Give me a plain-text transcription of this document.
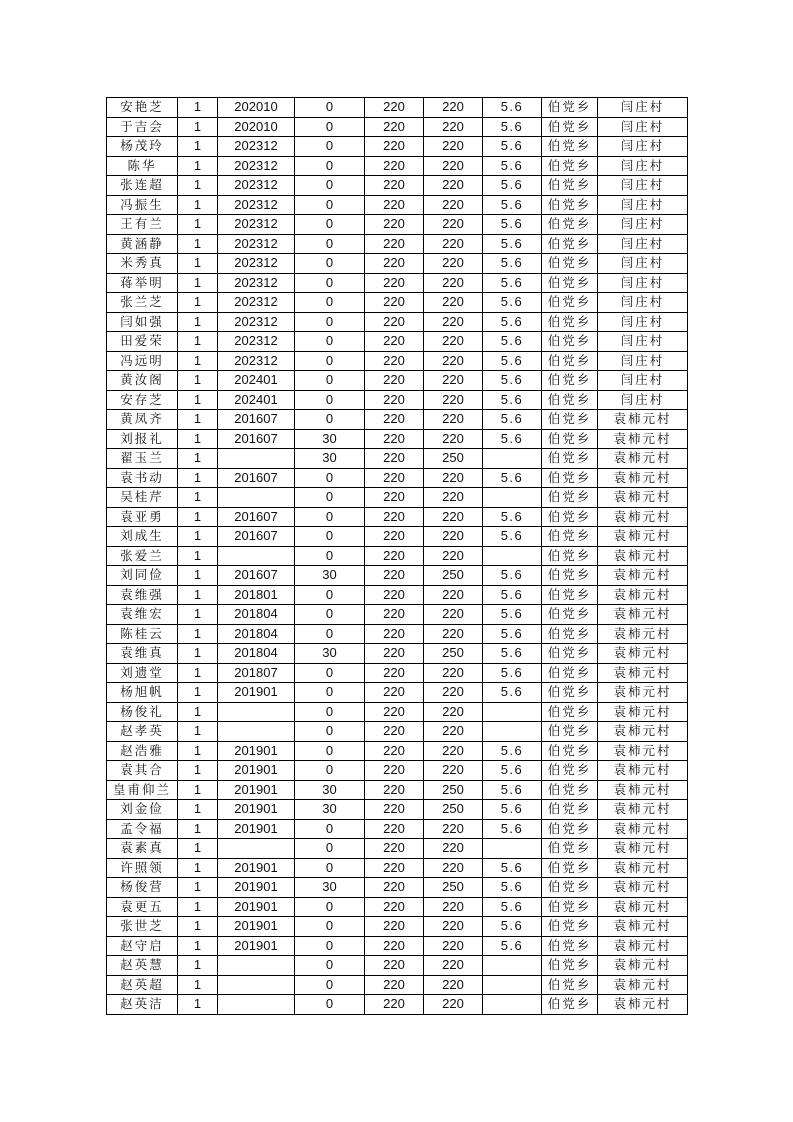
安艳芝	1	202010	0	220	220	5.6	伯党乡	闫庄村
于吉会	1	202010	0	220	220	5.6	伯党乡	闫庄村
杨茂玲	1	202312	0	220	220	5.6	伯党乡	闫庄村
陈华	1	202312	0	220	220	5.6	伯党乡	闫庄村
张连超	1	202312	0	220	220	5.6	伯党乡	闫庄村
冯振生	1	202312	0	220	220	5.6	伯党乡	闫庄村
王有兰	1	202312	0	220	220	5.6	伯党乡	闫庄村
黄涵静	1	202312	0	220	220	5.6	伯党乡	闫庄村
米秀真	1	202312	0	220	220	5.6	伯党乡	闫庄村
蒋举明	1	202312	0	220	220	5.6	伯党乡	闫庄村
张兰芝	1	202312	0	220	220	5.6	伯党乡	闫庄村
闫如强	1	202312	0	220	220	5.6	伯党乡	闫庄村
田爱荣	1	202312	0	220	220	5.6	伯党乡	闫庄村
冯远明	1	202312	0	220	220	5.6	伯党乡	闫庄村
黄汝阁	1	202401	0	220	220	5.6	伯党乡	闫庄村
安存芝	1	202401	0	220	220	5.6	伯党乡	闫庄村
黄凤齐	1	201607	0	220	220	5.6	伯党乡	袁柿元村
刘报礼	1	201607	30	220	220	5.6	伯党乡	袁柿元村
翟玉兰	1		30	220	250		伯党乡	袁柿元村
袁书动	1	201607	0	220	220	5.6	伯党乡	袁柿元村
吴桂芹	1		0	220	220		伯党乡	袁柿元村
袁亚勇	1	201607	0	220	220	5.6	伯党乡	袁柿元村
刘成生	1	201607	0	220	220	5.6	伯党乡	袁柿元村
张爱兰	1		0	220	220		伯党乡	袁柿元村
刘同俭	1	201607	30	220	250	5.6	伯党乡	袁柿元村
袁维强	1	201801	0	220	220	5.6	伯党乡	袁柿元村
袁维宏	1	201804	0	220	220	5.6	伯党乡	袁柿元村
陈桂云	1	201804	0	220	220	5.6	伯党乡	袁柿元村
袁维真	1	201804	30	220	250	5.6	伯党乡	袁柿元村
刘遗堂	1	201807	0	220	220	5.6	伯党乡	袁柿元村
杨旭帆	1	201901	0	220	220	5.6	伯党乡	袁柿元村
杨俊礼	1		0	220	220		伯党乡	袁柿元村
赵孝英	1		0	220	220		伯党乡	袁柿元村
赵浩雅	1	201901	0	220	220	5.6	伯党乡	袁柿元村
袁其合	1	201901	0	220	220	5.6	伯党乡	袁柿元村
皇甫仰兰	1	201901	30	220	250	5.6	伯党乡	袁柿元村
刘金俭	1	201901	30	220	250	5.6	伯党乡	袁柿元村
孟令福	1	201901	0	220	220	5.6	伯党乡	袁柿元村
袁素真	1		0	220	220		伯党乡	袁柿元村
许照领	1	201901	0	220	220	5.6	伯党乡	袁柿元村
杨俊营	1	201901	30	220	250	5.6	伯党乡	袁柿元村
袁更五	1	201901	0	220	220	5.6	伯党乡	袁柿元村
张世芝	1	201901	0	220	220	5.6	伯党乡	袁柿元村
赵守启	1	201901	0	220	220	5.6	伯党乡	袁柿元村
赵英慧	1		0	220	220		伯党乡	袁柿元村
赵英超	1		0	220	220		伯党乡	袁柿元村
赵英洁	1		0	220	220		伯党乡	袁柿元村
